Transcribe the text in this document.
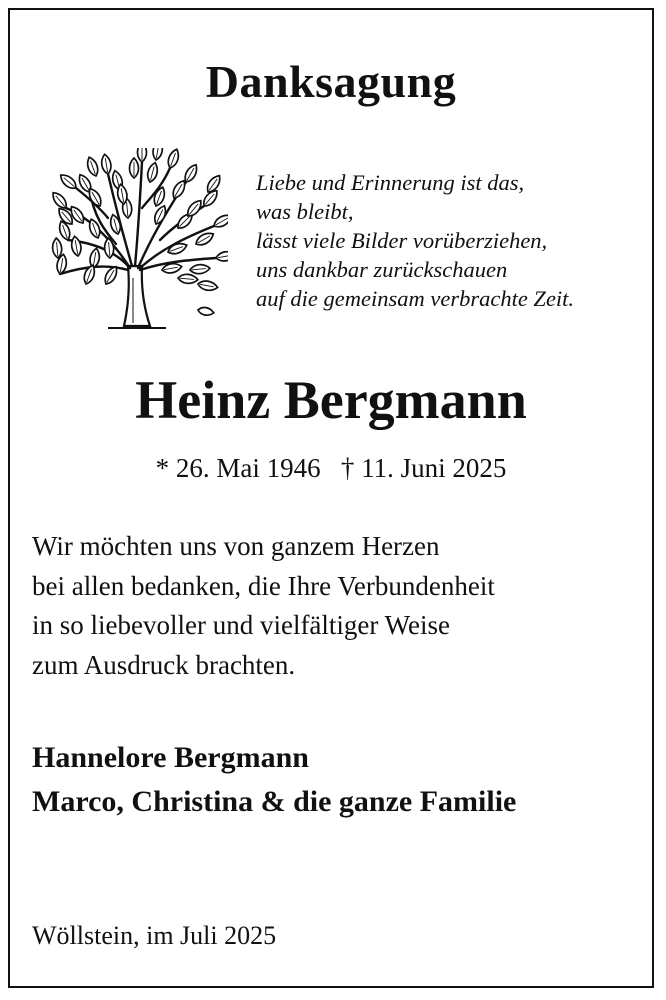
Danksagung
Liebe und Erinnerung ist das,
was bleibt,
lässt viele Bilder vorüberziehen,
uns dankbar zurückschauen
auf die gemeinsam verbrachte Zeit.
Heinz Bergmann
* 26. Mai 1946 † 11. Juni 2025
Wir möchten uns von ganzem Herzen
bei allen bedanken, die Ihre Verbundenheit
in so liebevoller und vielfältiger Weise
zum Ausdruck brachten.
Hannelore Bergmann
Marco, Christina & die ganze Familie
Wöllstein, im Juli 2025
